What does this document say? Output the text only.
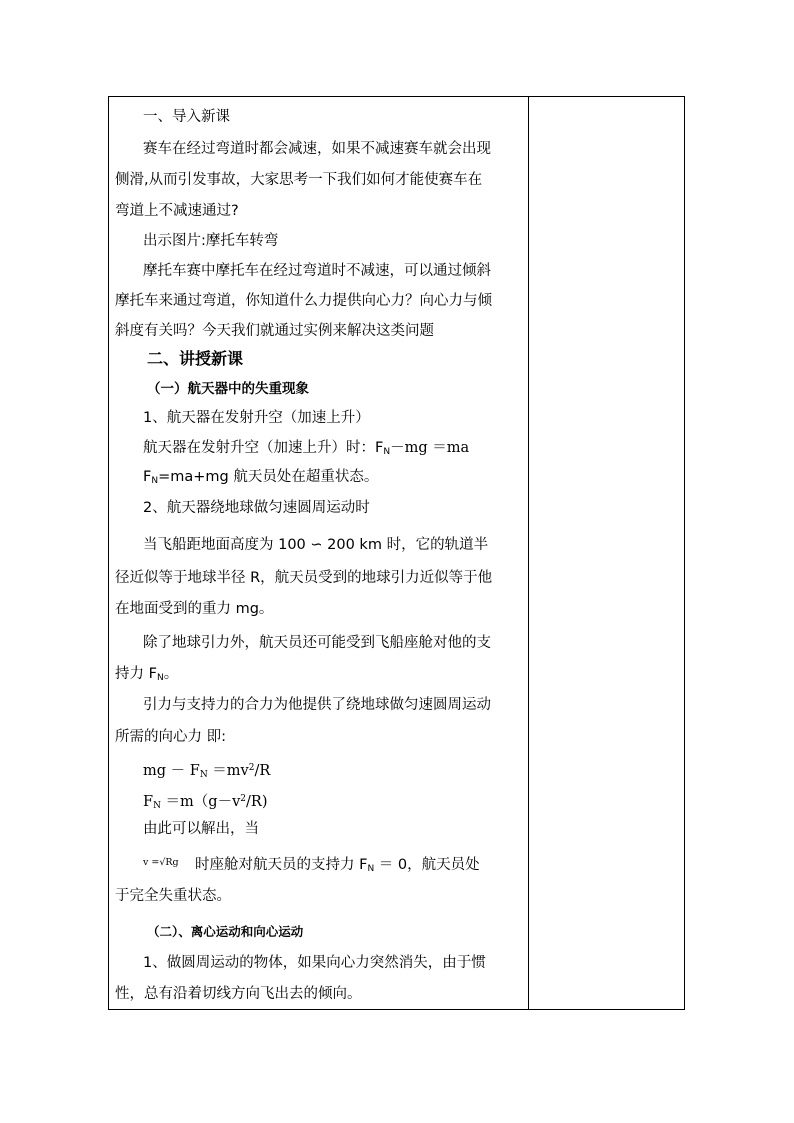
一、导入新课
赛车在经过弯道时都会减速，如果不减速赛车就会出现
侧滑,从而引发事故，大家思考一下我们如何才能使赛车在
弯道上不减速通过?
出示图片:摩托车转弯
摩托车赛中摩托车在经过弯道时不减速，可以通过倾斜
摩托车来通过弯道，你知道什么力提供向心力？向心力与倾
斜度有关吗？今天我们就通过实例来解决这类问题
二、讲授新课
（一）航天器中的失重现象
1、航天器在发射升空（加速上升）
航天器在发射升空（加速上升）时：$F_N-mg =ma$
$F_N=ma+mg$ 航天员处在超重状态。
2、航天器绕地球做匀速圆周运动时
当飞船距地面高度为 100 ∽ 200 km 时，它的轨道半
径近似等于地球半径 R，航天员受到的地球引力近似等于他
在地面受到的重力 mg。
除了地球引力外，航天员还可能受到飞船座舱对他的支
持力 $F_N$。
引力与支持力的合力为他提供了绕地球做匀速圆周运动
所需的向心力 即:
mg － $F_N =mv^2/R$
$F_N =m(g-v^2/R)$
由此可以解出，当
v =√Rg 时座舱对航天员的支持力 $F_N = 0$，航天员处
于完全失重状态。
（二）、离心运动和向心运动
1、做圆周运动的物体，如果向心力突然消失，由于惯
性，总有沿着切线方向飞出去的倾向。
